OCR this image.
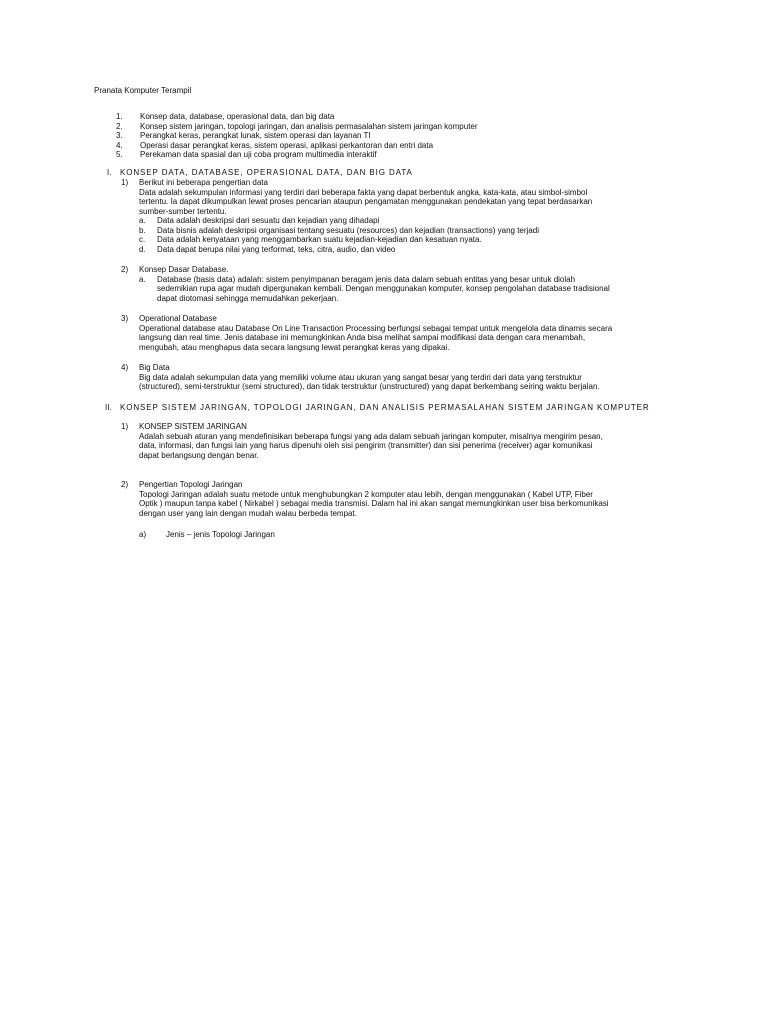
Pranata Komputer Terampil
1. Konsep data, database, operasional data, dan big data
2. Konsep sistem jaringan, topologi jaringan, dan analisis permasalahan sistem jaringan komputer
3. Perangkat keras, perangkat lunak, sistem operasi dan layanan TI
4. Operasi dasar perangkat keras, sistem operasi, aplikasi perkantoran dan entri data
5. Perekaman data spasial dan uji coba program multimedia interaktif
I. KONSEP DATA, DATABASE, OPERASIONAL DATA, DAN BIG DATA
1) Berikut ini beberapa pengertian data
Data adalah sekumpulan informasi yang terdiri dari beberapa fakta yang dapat berbentuk angka, kata-kata, atau simbol-simbol
tertentu. Ia dapat dikumpulkan lewat proses pencarian ataupun pengamatan menggunakan pendekatan yang tepat berdasarkan
sumber-sumber tertentu.
a. Data adalah deskripsi dari sesuatu dan kejadian yang dihadapi
b. Data bisnis adalah deskripsi organisasi tentang sesuatu (resources) dan kejadian (transactions) yang terjadi
c. Data adalah kenyataan yang menggambarkan suatu kejadian-kejadian dan kesatuan nyata.
d. Data dapat berupa nilai yang terformat, teks, citra, audio, dan video
2) Konsep Dasar Database.
a. Database (basis data) adalah: sistem penyimpanan beragam jenis data dalam sebuah entitas yang besar untuk diolah
sedemikian rupa agar mudah dipergunakan kembali. Dengan menggunakan komputer, konsep pengolahan database tradisional
dapat diotomasi sehingga memudahkan pekerjaan.
3) Operational Database
Operational database atau Database On Line Transaction Processing berfungsi sebagai tempat untuk mengelola data dinamis secara
langsung dan real time. Jenis database ini memungkinkan Anda bisa melihat sampai modifikasi data dengan cara menambah,
mengubah, atau menghapus data secara langsung lewat perangkat keras yang dipakai.
4) Big Data
Big data adalah sekumpulan data yang memiliki volume atau ukuran yang sangat besar yang terdiri dari data yang terstruktur
(structured), semi-terstruktur (semi structured), dan tidak terstruktur (unstructured) yang dapat berkembang seiring waktu berjalan.
II. KONSEP SISTEM JARINGAN, TOPOLOGI JARINGAN, DAN ANALISIS PERMASALAHAN SISTEM JARINGAN KOMPUTER
1) KONSEP SISTEM JARINGAN
Adalah sebuah aturan yang mendefinisikan beberapa fungsi yang ada dalam sebuah jaringan komputer, misalnya mengirim pesan,
data, informasi, dan fungsi lain yang harus dipenuhi oleh sisi pengirim (transmitter) dan sisi penerima (receiver) agar komunikasi
dapat berlangsung dengan benar.
2) Pengertian Topologi Jaringan
Topologi Jaringan adalah suatu metode untuk menghubungkan 2 komputer atau lebih, dengan menggunakan ( Kabel UTP, Fiber
Optik ) maupun tanpa kabel ( Nirkabel ) sebagai media transmisi. Dalam hal ini akan sangat memungkinkan user bisa berkomunikasi
dengan user yang lain dengan mudah walau berbeda tempat.
a) Jenis – jenis Topologi Jaringan
